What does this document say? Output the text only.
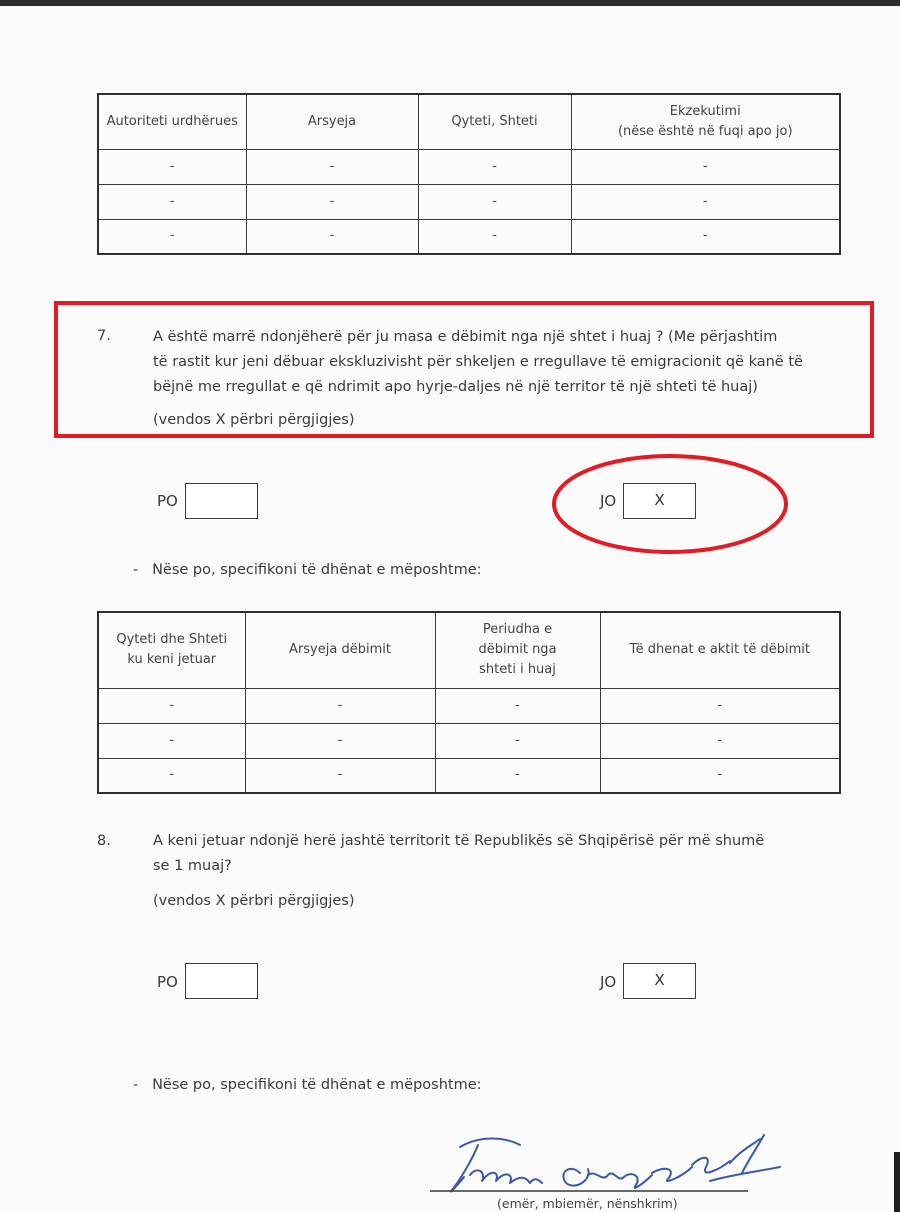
Autoriteti urdhërues	Arsyeja	Qyteti, Shteti	Ekzekutimi
(nëse është në fuqi apo jo)
-	-	-	-
-	-	-	-
-	-	-	-
7.	A është marrë ndonjëherë për ju masa e dëbimit nga një shtet i huaj ? (Me përjashtim
të rastit kur jeni dëbuar ekskluzivisht për shkeljen e rregullave të emigracionit që kanë të
bëjnë me rregullat e që ndrimit apo hyrje-daljes në një territor të një shteti të huaj)
(vendos X përbri përgjigjes)
PO	JO	X
-   Nëse po, specifikoni të dhënat e mëposhtme:
Qyteti dhe Shteti
ku keni jetuar	Arsyeja dëbimit	Periudha e
dëbimit nga
shteti i huaj	Të dhenat e aktit të dëbimit
-	-	-	-
-	-	-	-
-	-	-	-
8.	A keni jetuar ndonjë herë jashtë territorit të Republikës së Shqipërisë për më shumë
se 1 muaj?
(vendos X përbri përgjigjes)
PO	JO	X
-   Nëse po, specifikoni të dhënat e mëposhtme:
(emër, mbiemër, nënshkrim)
